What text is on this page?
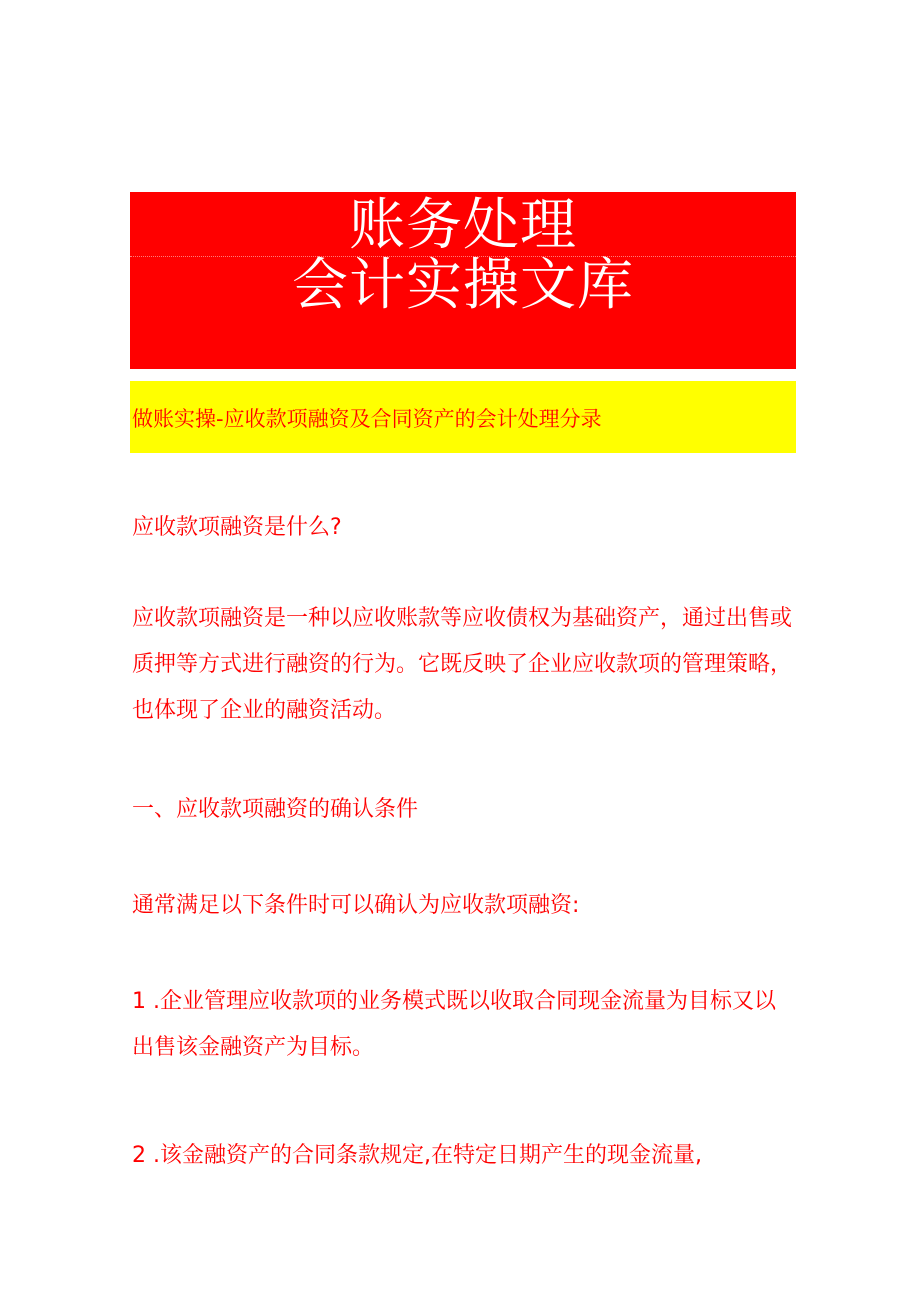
账务处理
会计实操文库
做账实操-应收款项融资及合同资产的会计处理分录

应收款项融资是什么?

应收款项融资是一种以应收账款等应收债权为基础资产，通过出售或质押等方式进行融资的行为。它既反映了企业应收款项的管理策略，也体现了企业的融资活动。

一、应收款项融资的确认条件

通常满足以下条件时可以确认为应收款项融资:

1 .企业管理应收款项的业务模式既以收取合同现金流量为目标又以出售该金融资产为目标。

2 .该金融资产的合同条款规定,在特定日期产生的现金流量,
